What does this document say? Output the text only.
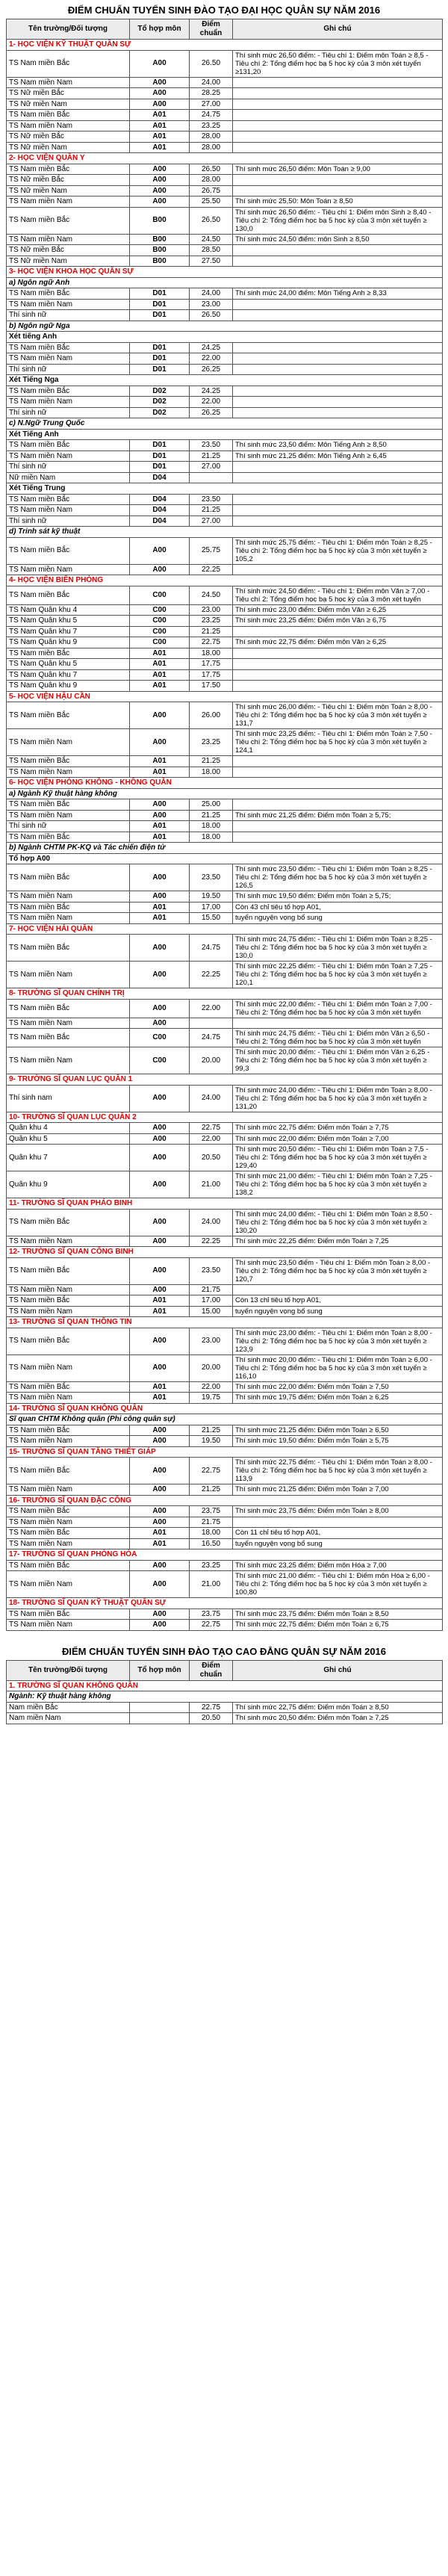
ĐIỂM CHUẨN TUYỂN SINH ĐÀO TẠO ĐẠI HỌC QUÂN SỰ NĂM 2016
Tên trường/Đối tượng	Tổ hợp môn	Điểm chuẩn	Ghi chú
1- HỌC VIỆN KỸ THUẬT QUÂN SỰ			
TS Nam miền Bắc	A00	26.50	Thí sinh mức 26,50 điểm: - Tiêu chí 1: Điểm môn Toán ≥ 8,5 - Tiêu chí 2: Tổng điểm học bạ 5 học kỳ của 3 môn xét tuyển ≥131,20
TS Nam miền Nam	A00	24.00	
TS Nữ miền Bắc	A00	28.25	
TS Nữ miền Nam	A00	27.00	
TS Nam miền Bắc	A01	24.75	
TS Nam miền Nam	A01	23.25	
TS Nữ miền Bắc	A01	28.00	
TS Nữ miền Nam	A01	28.00	
2- HỌC VIỆN QUÂN Y			
TS Nam miền Bắc	A00	26.50	Thí sinh mức 26,50 điểm: Môn Toán ≥ 9,00
TS Nữ miền Bắc	A00	28.00	
TS Nữ miền Nam	A00	26.75	
TS Nam miền Nam	A00	25.50	Thí sinh mức 25,50: Môn Toán ≥ 8,50
TS Nam miền Bắc	B00	26.50	Thí sinh mức 26,50 điểm: - Tiêu chí 1: Điểm môn Sinh ≥ 8,40 - Tiêu chí 2: Tổng điểm học bạ 5 học kỳ của 3 môn xét tuyển ≥ 130,0
TS Nam miền Nam	B00	24.50	Thí sinh mức 24,50 điểm: môn Sinh ≥ 8,50
TS Nữ miền Bắc	B00	28.50	
TS Nữ miền Nam	B00	27.50	
3- HỌC VIỆN KHOA HỌC QUÂN SỰ			
a) Ngôn ngữ Anh			
TS Nam miền Bắc	D01	24.00	Thí sinh mức 24,00 điểm: Môn Tiếng Anh ≥ 8,33
TS Nam miền Nam	D01	23.00	
Thí sinh nữ	D01	26.50	
b) Ngôn ngữ Nga			
Xét tiếng Anh			
TS Nam miền Bắc	D01	24.25	
TS Nam miền Nam	D01	22.00	
Thí sinh nữ	D01	26.25	
Xét Tiếng Nga			
TS Nam miền Bắc	D02	24.25	
TS Nam miền Nam	D02	22.00	
Thí sinh nữ	D02	26.25	
c) N.Ngữ Trung Quốc			
Xét Tiếng Anh			
TS Nam miền Bắc	D01	23.50	Thí sinh mức 23,50 điểm: Môn Tiếng Anh ≥ 8,50
TS Nam miền Nam	D01	21.25	Thí sinh mức 21,25 điểm: Môn Tiếng Anh ≥ 6,45
Thí sinh nữ	D01	27.00	
Nữ miền Nam	D04		
Xét Tiếng Trung			
TS Nam miền Bắc	D04	23.50	
TS Nam miền Nam	D04	21.25	
Thí sinh nữ	D04	27.00	
d) Trinh sát kỹ thuật			
TS Nam miền Bắc	A00	25.75	Thí sinh mức 25,75 điểm: - Tiêu chí 1: Điểm môn Toán ≥ 8,25 - Tiêu chí 2: Tổng điểm học bạ 5 học kỳ của 3 môn xét tuyển ≥ 105,2
TS Nam miền Nam	A00	22.25	
4- HỌC VIỆN BIÊN PHÒNG			
TS Nam miền Bắc	C00	24.50	Thí sinh mức 24,50 điểm: - Tiêu chí 1: Điểm môn Văn ≥ 7,00 - Tiêu chí 2: Tổng điểm học bạ 5 học kỳ của 3 môn xét tuyển
TS Nam Quân khu 4	C00	23.00	Thí sinh mức 23,00 điểm: Điểm môn Văn ≥ 6,25
TS Nam Quân khu 5	C00	23.25	Thí sinh mức 23,25 điểm: Điểm môn Văn ≥ 6,75
TS Nam Quân khu 7	C00	21.25	
TS Nam Quân khu 9	C00	22.75	Thí sinh mức 22,75 điểm: Điểm môn Văn ≥ 6,25
TS Nam miền Bắc	A01	18.00	
TS Nam Quân khu 5	A01	17.75	
TS Nam Quân khu 7	A01	17.75	
TS Nam Quân khu 9	A01	17.50	
5- HỌC VIỆN HẬU CẦN			
TS Nam miền Bắc	A00	26.00	Thí sinh mức 26,00 điểm: - Tiêu chí 1: Điểm môn Toán ≥ 8,00 - Tiêu chí 2: Tổng điểm học bạ 5 học kỳ của 3 môn xét tuyển ≥ 131,7
TS Nam miền Nam	A00	23.25	Thí sinh mức 23,25 điểm: - Tiêu chí 1: Điểm môn Toán ≥ 7,50 - Tiêu chí 2: Tổng điểm học bạ 5 học kỳ của 3 môn xét tuyển ≥ 124,1
TS Nam miền Bắc	A01	21.25	
TS Nam miền Nam	A01	18.00	
6- HỌC VIỆN PHÒNG KHÔNG - KHÔNG QUÂN			
a) Ngành Kỹ thuật hàng không			
TS Nam miền Bắc	A00	25.00	
TS Nam miền Nam	A00	21.25	Thí sinh mức 21,25 điểm: Điểm môn Toán ≥ 5,75;
Thí sinh nữ	A01	18.00	
TS Nam miền Bắc	A01	18.00	
b) Ngành CHTM PK-KQ và Tác chiến điện tử			
Tổ hợp A00			
TS Nam miền Bắc	A00	23.50	Thí sinh mức 23,50 điểm: - Tiêu chí 1: Điểm môn Toán ≥ 8,25 - Tiêu chí 2: Tổng điểm học bạ 5 học kỳ của 3 môn xét tuyển ≥ 126,5
TS Nam miền Nam	A00	19.50	Thí sinh mức 19,50 điểm: Điểm môn Toán ≥ 5,75;
TS Nam miền Bắc	A01	17.00	Còn 43 chỉ tiêu tổ hợp A01,
TS Nam miền Nam	A01	15.50	tuyển nguyện vọng bổ sung
7- HỌC VIỆN HẢI QUÂN			
TS Nam miền Bắc	A00	24.75	Thí sinh mức 24,75 điểm: - Tiêu chí 1: Điểm môn Toán ≥ 8,25 - Tiêu chí 2: Tổng điểm học bạ 5 học kỳ của 3 môn xét tuyển ≥ 130,0
TS Nam miền Nam	A00	22.25	Thí sinh mức 22,25 điểm: - Tiêu chí 1: Điểm môn Toán ≥ 7,25 - Tiêu chí 2: Tổng điểm học bạ 5 học kỳ của 3 môn xét tuyển ≥ 120,1
8- TRƯỜNG SĨ QUAN CHÍNH TRỊ			
TS Nam miền Bắc	A00	22.00	Thí sinh mức 22,00 điểm: - Tiêu chí 1: Điểm môn Toán ≥ 7,00 - Tiêu chí 2: Tổng điểm học bạ 5 học kỳ của 3 môn xét tuyển
TS Nam miền Nam	A00		
TS Nam miền Bắc	C00	24.75	Thí sinh mức 24,75 điểm: - Tiêu chí 1: Điểm môn Văn ≥ 6,50 - Tiêu chí 2: Tổng điểm học bạ 5 học kỳ của 3 môn xét tuyển
TS Nam miền Nam	C00	20.00	Thí sinh mức 20,00 điểm: - Tiêu chí 1: Điểm môn Văn ≥ 6,25 - Tiêu chí 2: Tổng điểm học bạ 5 học kỳ của 3 môn xét tuyển ≥ 99,3
9- TRƯỜNG SĨ QUAN LỤC QUÂN 1			
Thí sinh nam	A00	24.00	Thí sinh mức 24,00 điểm: - Tiêu chí 1: Điểm môn Toán ≥ 8,00 - Tiêu chí 2: Tổng điểm học bạ 5 học kỳ của 3 môn xét tuyển ≥ 131,20
10- TRƯỜNG SĨ QUAN LỤC QUÂN 2			
Quân khu 4	A00	22.75	Thí sinh mức 22,75 điểm: Điểm môn Toán ≥ 7,75
Quân khu 5	A00	22.00	Thí sinh mức 22,00 điểm: Điểm môn Toán ≥ 7,00
Quân khu 7	A00	20.50	Thí sinh mức 20,50 điểm: - Tiêu chí 1: Điểm môn Toán ≥ 7,5 - Tiêu chí 2: Tổng điểm học bạ 5 học kỳ của 3 môn xét tuyển ≥ 129,40
Quân khu 9	A00	21.00	Thí sinh mức 21,00 điểm: - Tiêu chí 1: Điểm môn Toán ≥ 7,25 - Tiêu chí 2: Tổng điểm học bạ 5 học kỳ của 3 môn xét tuyển ≥ 138,2
11- TRƯỜNG SĨ QUAN PHÁO BINH			
TS Nam miền Bắc	A00	24.00	Thí sinh mức 24,00 điểm: - Tiêu chí 1: Điểm môn Toán ≥ 8,50 - Tiêu chí 2: Tổng điểm học bạ 5 học kỳ của 3 môn xét tuyển ≥ 130,20
TS Nam miền Nam	A00	22.25	Thí sinh mức 22,25 điểm: Điểm môn Toán ≥ 7,25
12- TRƯỜNG SĨ QUAN CÔNG BINH			
TS Nam miền Bắc	A00	23.50	Thí sinh mức 23,50 điểm - Tiêu chí 1: Điểm môn Toán ≥ 8,00 - Tiêu chí 2: Tổng điểm học bạ 5 học kỳ của 3 môn xét tuyển ≥ 120,7
TS Nam miền Nam	A00	21.75	
TS Nam miền Bắc	A01	17.00	Còn 13 chỉ tiêu tổ hợp A01,
TS Nam miền Nam	A01	15.00	tuyển nguyện vọng bổ sung
13- TRƯỜNG SĨ QUAN THÔNG TIN			
TS Nam miền Bắc	A00	23.00	Thí sinh mức 23,00 điểm: - Tiêu chí 1: Điểm môn Toán ≥ 8,00 - Tiêu chí 2: Tổng điểm học bạ 5 học kỳ của 3 môn xét tuyển ≥ 123,9
TS Nam miền Nam	A00	20.00	Thí sinh mức 20,00 điểm: - Tiêu chí 1: Điểm môn Toán ≥ 6,00 - Tiêu chí 2: Tổng điểm học bạ 5 học kỳ của 3 môn xét tuyển ≥ 116,10
TS Nam miền Bắc	A01	22.00	Thí sinh mức 22,00 điểm: Điểm môn Toán ≥ 7,50
TS Nam miền Nam	A01	19.75	Thí sinh mức 19,75 điểm: Điểm môn Toán ≥ 6,25
14- TRƯỜNG SĨ QUAN KHÔNG QUÂN			
Sĩ quan CHTM Không quân (Phi công quân sự)			
TS Nam miền Bắc	A00	21.25	Thí sinh mức 21,25 điểm: Điểm môn Toán ≥ 6,50
TS Nam miền Nam	A00	19.50	Thí sinh mức 19,50 điểm: Điểm môn Toán ≥ 5,75
15- TRƯỜNG SĨ QUAN TĂNG THIẾT GIÁP			
TS Nam miền Bắc	A00	22.75	Thí sinh mức 22,75 điểm: - Tiêu chí 1: Điểm môn Toán ≥ 8,00 - Tiêu chí 2: Tổng điểm học bạ 5 học kỳ của 3 môn xét tuyển ≥ 113,9
TS Nam miền Nam	A00	21.25	Thí sinh mức 21,25 điểm: Điểm môn Toán ≥ 7,00
16- TRƯỜNG SĨ QUAN ĐẶC CÔNG			
TS Nam miền Bắc	A00	23.75	Thí sinh mức 23,75 điểm: Điểm môn Toán ≥ 8,00
TS Nam miền Nam	A00	21.75	
TS Nam miền Bắc	A01	18.00	Còn 11 chỉ tiêu tổ hợp A01,
TS Nam miền Nam	A01	16.50	tuyển nguyện vọng bổ sung
17- TRƯỜNG SĨ QUAN PHÒNG HÓA			
TS Nam miền Bắc	A00	23.25	Thí sinh mức 23,25 điểm: Điểm môn Hóa ≥ 7,00
TS Nam miền Nam	A00	21.00	Thí sinh mức 21,00 điểm: - Tiêu chí 1: Điểm môn Hóa ≥ 6,00 - Tiêu chí 2: Tổng điểm học bạ 5 học kỳ của 3 môn xét tuyển ≥ 100,80
18- TRƯỜNG SĨ QUAN KỸ THUẬT QUÂN SỰ			
TS Nam miền Bắc	A00	23.75	Thí sinh mức 23,75 điểm: Điểm môn Toán ≥ 8,50
TS Nam miền Nam	A00	22.75	Thí sinh mức 22,75 điểm: Điểm môn Toán ≥ 6,75
ĐIỂM CHUẨN TUYỂN SINH ĐÀO TẠO CAO ĐẲNG QUÂN SỰ NĂM 2016
Tên trường/Đối tượng	Tổ hợp môn	Điểm chuẩn	Ghi chú
1. TRƯỜNG SĨ QUAN KHÔNG QUÂN			
Ngành: Kỹ thuật hàng không			
Nam miền Bắc		22.75	Thí sinh mức 22,75 điểm: Điểm môn Toán ≥ 8,50
Nam miền Nam		20.50	Thí sinh mức 20,50 điểm: Điểm môn Toán ≥ 7,25
